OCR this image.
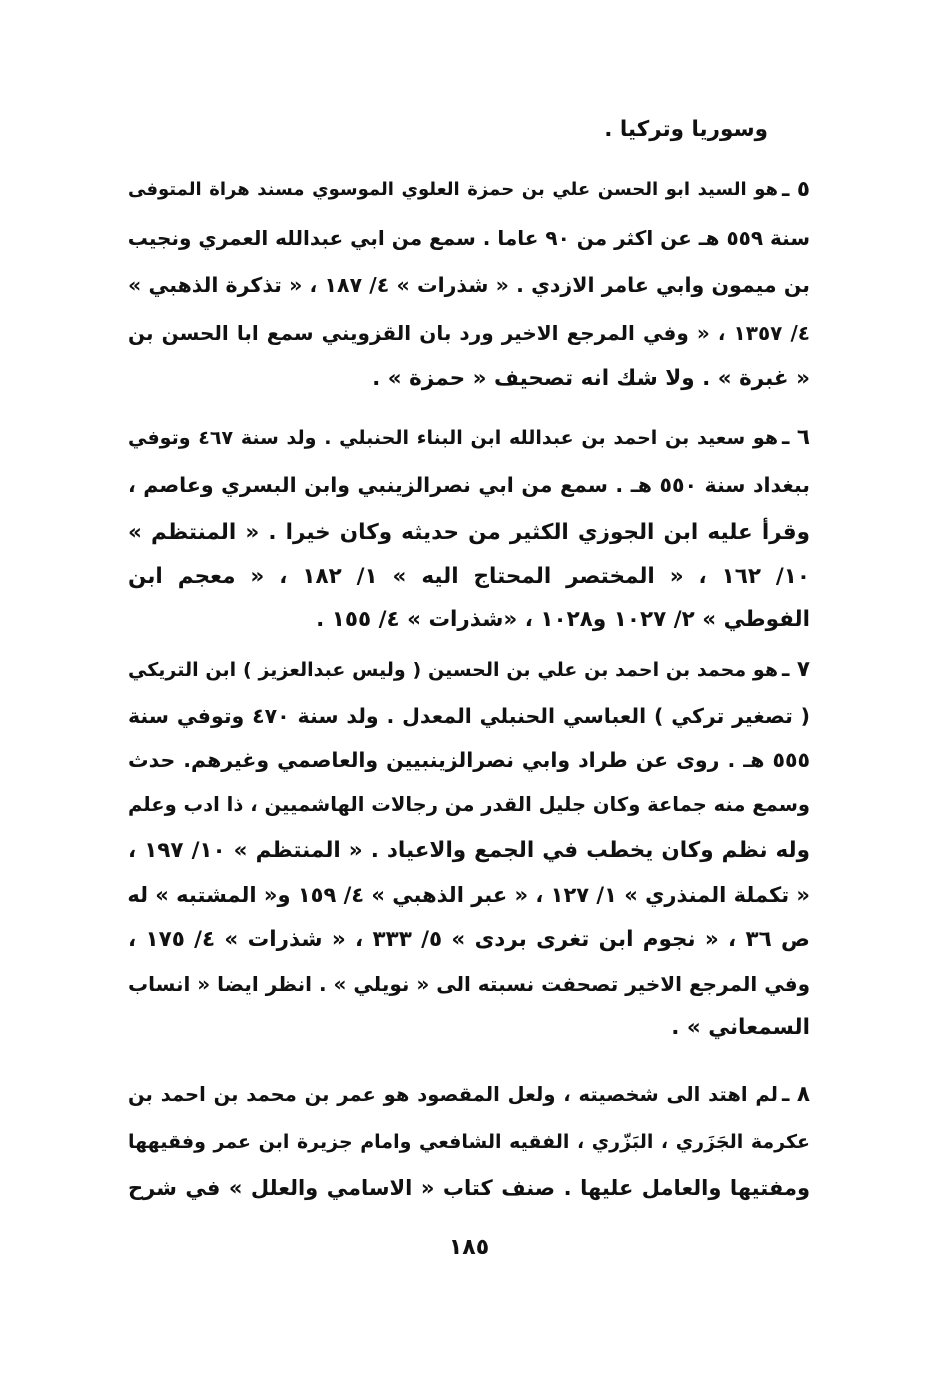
وسوريا وتركيا .
٥ ـ
هو السيد ابو الحسن علي بن حمزة العلوي الموسوي مسند هراة المتوفى
سنة ٥٥٩ هـ عن اكثر من ٩٠ عاما . سمع من ابي عبدالله العمري ونجيب
بن ميمون وابي عامر الازدي . « شذرات » ٤/ ١٨٧ ، « تذكرة الذهبي »
٤/ ١٣٥٧ ، « وفي المرجع الاخير ورد بان القزويني سمع ابا الحسن بن
« غبرة » . ولا شك انه تصحيف « حمزة » .
٦ ـ
هو سعيد بن احمد بن عبدالله ابن البناء الحنبلي . ولد سنة ٤٦٧ وتوفي
ببغداد سنة ٥٥٠ هـ . سمع من ابي نصرالزينبي وابن البسري وعاصم ،
وقرأ عليه ابن الجوزي الكثير من حديثه وكان خيرا . « المنتظم »
١٠/ ١٦٢ ، « المختصر المحتاج اليه » ١/ ١٨٢ ، « معجم ابن
الفوطي » ٢/ ١٠٢٧ و١٠٢٨ ، «شذرات » ٤/ ١٥٥ .
٧ ـ
هو محمد بن احمد بن علي بن الحسين ( وليس عبدالعزيز ) ابن التريكي
( تصغير تركي ) العباسي الحنبلي المعدل . ولد سنة ٤٧٠ وتوفي سنة
٥٥٥ هـ . روى عن طراد وابي نصرالزينبيين والعاصمي وغيرهم. حدث
وسمع منه جماعة وكان جليل القدر من رجالات الهاشميين ، ذا ادب وعلم
وله نظم وكان يخطب في الجمع والاعياد . « المنتظم » ١٠/ ١٩٧ ،
« تكملة المنذري » ١/ ١٢٧ ، « عبر الذهبي » ٤/ ١٥٩ و« المشتبه » له
ص ٣٦ ، « نجوم ابن تغرى بردى » ٥/ ٣٣٣ ، « شذرات » ٤/ ١٧٥ ،
وفي المرجع الاخير تصحفت نسبته الى « نويلي » . انظر ايضا « انساب
السمعاني » .
٨ ـ
لم اهتد الى شخصيته ، ولعل المقصود هو عمر بن محمد بن احمد بن
عكرمة الجَزَري ، البَزّري ، الفقيه الشافعي وامام جزيرة ابن عمر وفقيهها
ومفتيها والعامل عليها . صنف كتاب « الاسامي والعلل » في شرح
١٨٥
